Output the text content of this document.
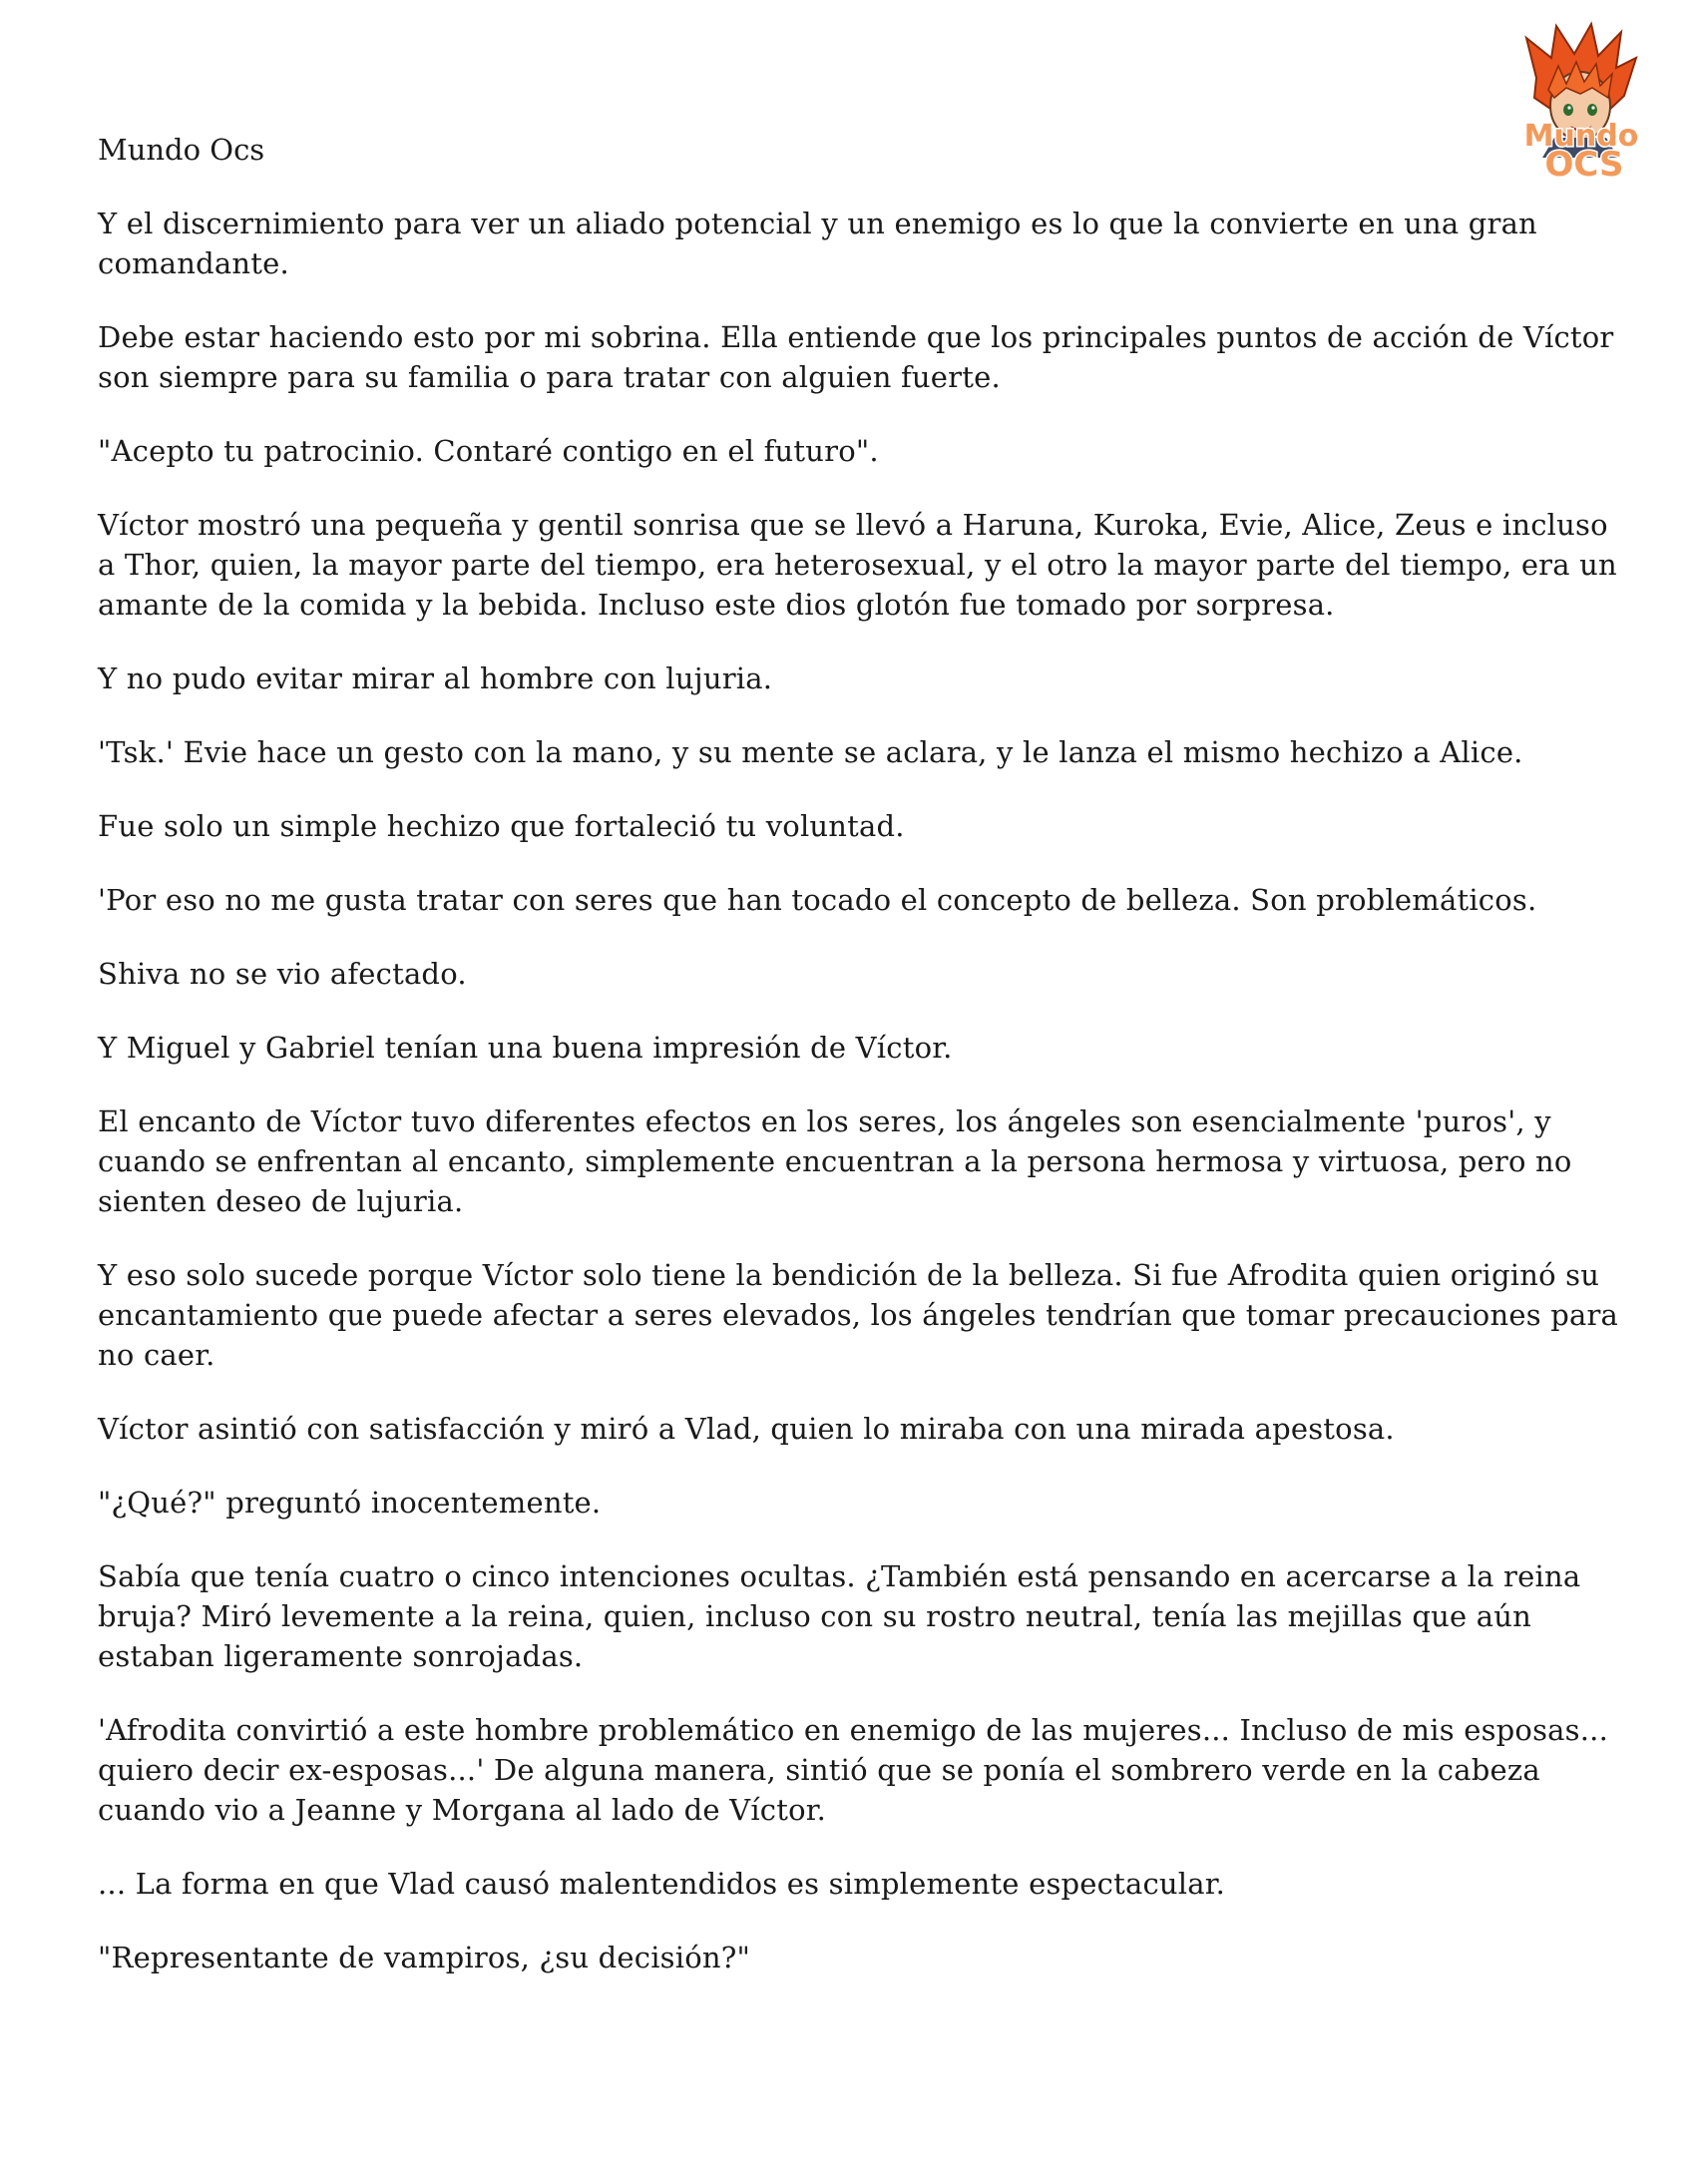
Mundo
OCS

Mundo Ocs

Y el discernimiento para ver un aliado potencial y un enemigo es lo que la convierte en una gran comandante.

Debe estar haciendo esto por mi sobrina. Ella entiende que los principales puntos de acción de Víctor son siempre para su familia o para tratar con alguien fuerte.

"Acepto tu patrocinio. Contaré contigo en el futuro".

Víctor mostró una pequeña y gentil sonrisa que se llevó a Haruna, Kuroka, Evie, Alice, Zeus e incluso a Thor, quien, la mayor parte del tiempo, era heterosexual, y el otro la mayor parte del tiempo, era un amante de la comida y la bebida. Incluso este dios glotón fue tomado por sorpresa.

Y no pudo evitar mirar al hombre con lujuria.

'Tsk.' Evie hace un gesto con la mano, y su mente se aclara, y le lanza el mismo hechizo a Alice.

Fue solo un simple hechizo que fortaleció tu voluntad.

'Por eso no me gusta tratar con seres que han tocado el concepto de belleza. Son problemáticos.

Shiva no se vio afectado.

Y Miguel y Gabriel tenían una buena impresión de Víctor.

El encanto de Víctor tuvo diferentes efectos en los seres, los ángeles son esencialmente 'puros', y cuando se enfrentan al encanto, simplemente encuentran a la persona hermosa y virtuosa, pero no sienten deseo de lujuria.

Y eso solo sucede porque Víctor solo tiene la bendición de la belleza. Si fue Afrodita quien originó su encantamiento que puede afectar a seres elevados, los ángeles tendrían que tomar precauciones para no caer.

Víctor asintió con satisfacción y miró a Vlad, quien lo miraba con una mirada apestosa.

"¿Qué?" preguntó inocentemente.

Sabía que tenía cuatro o cinco intenciones ocultas. ¿También está pensando en acercarse a la reina bruja? Miró levemente a la reina, quien, incluso con su rostro neutral, tenía las mejillas que aún estaban ligeramente sonrojadas.

'Afrodita convirtió a este hombre problemático en enemigo de las mujeres... Incluso de mis esposas... quiero decir ex-esposas...' De alguna manera, sintió que se ponía el sombrero verde en la cabeza cuando vio a Jeanne y Morgana al lado de Víctor.

... La forma en que Vlad causó malentendidos es simplemente espectacular.

"Representante de vampiros, ¿su decisión?"
